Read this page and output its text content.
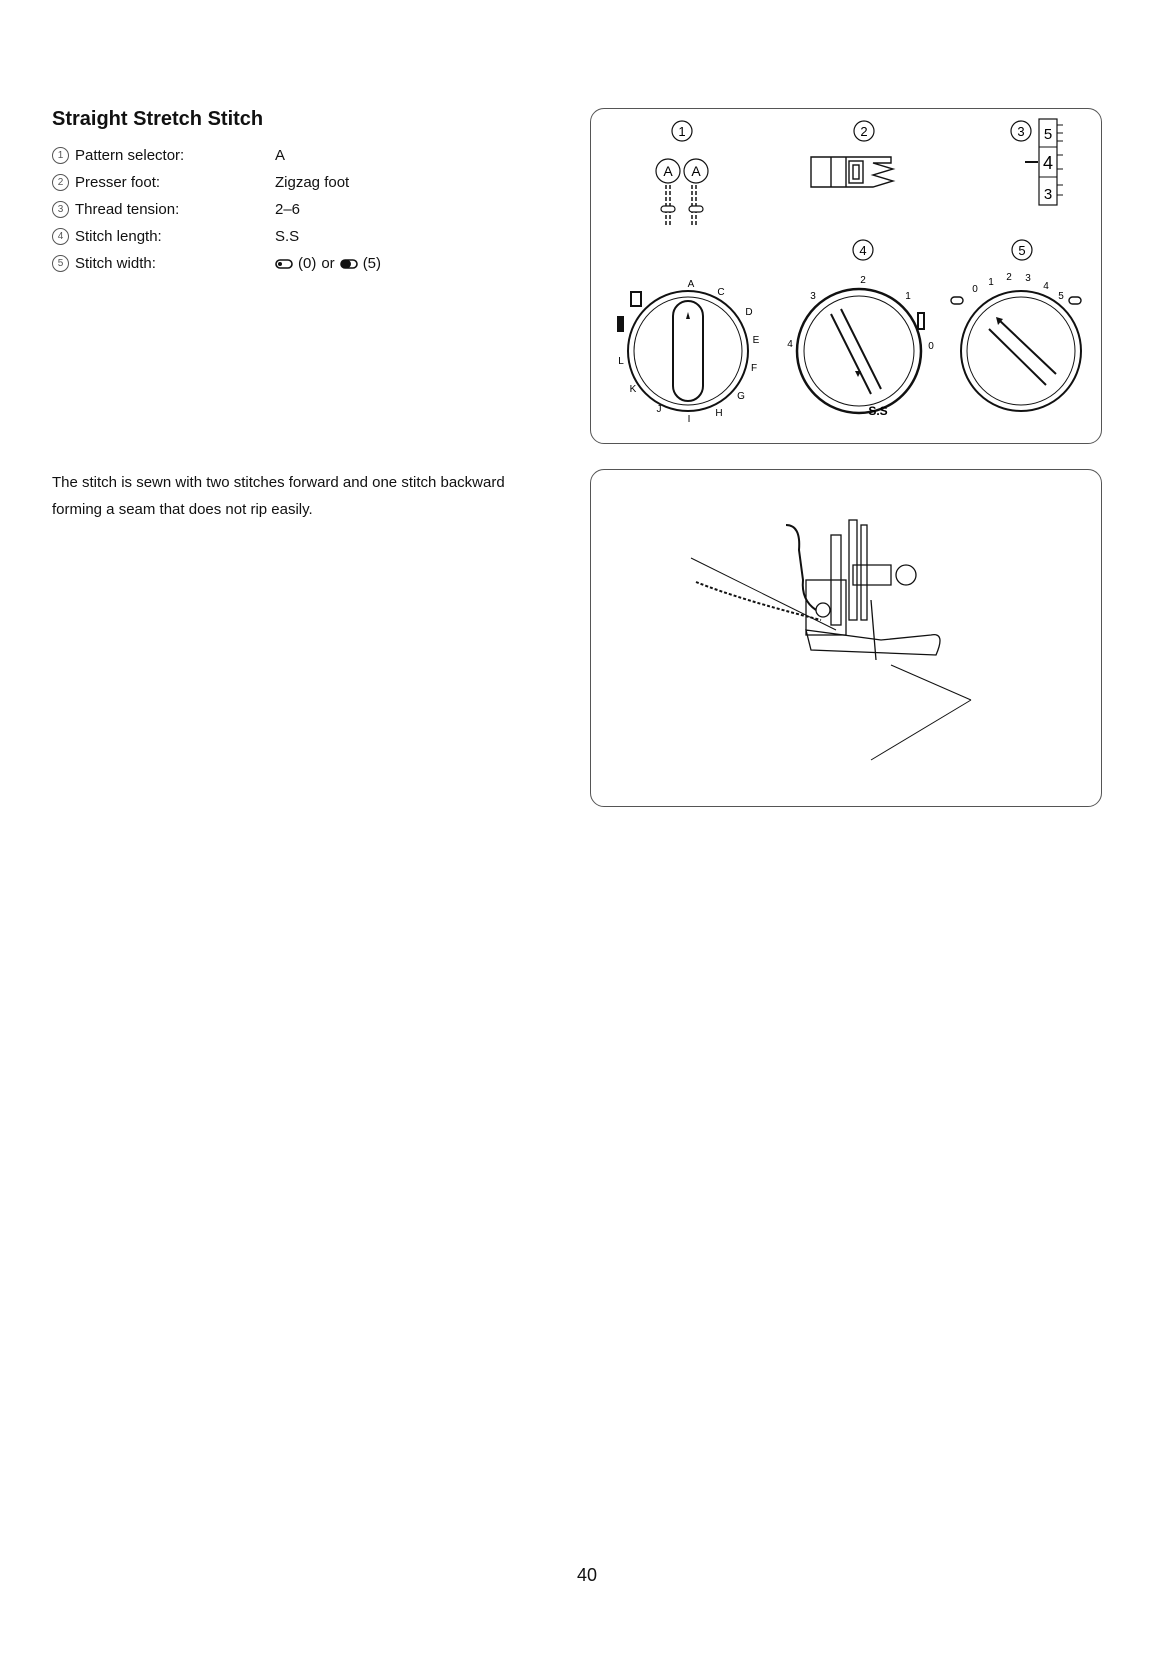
Straight Stretch Stitch
1 Pattern selector:	A
2 Presser foot:	Zigzag foot
3 Thread tension:	2–6
4 Stitch length:	S.S
5 Stitch width:	(0) or (5)

The stitch is sewn with two stitches forward and one stitch backward forming a seam that does not rip easily.

1	2	3
4	5
A A
5
4
3
A
C
D
E
F
G
H
I
J
K
L
2
1
0
3
4
S.S
0
1 2 3
4
5

40
